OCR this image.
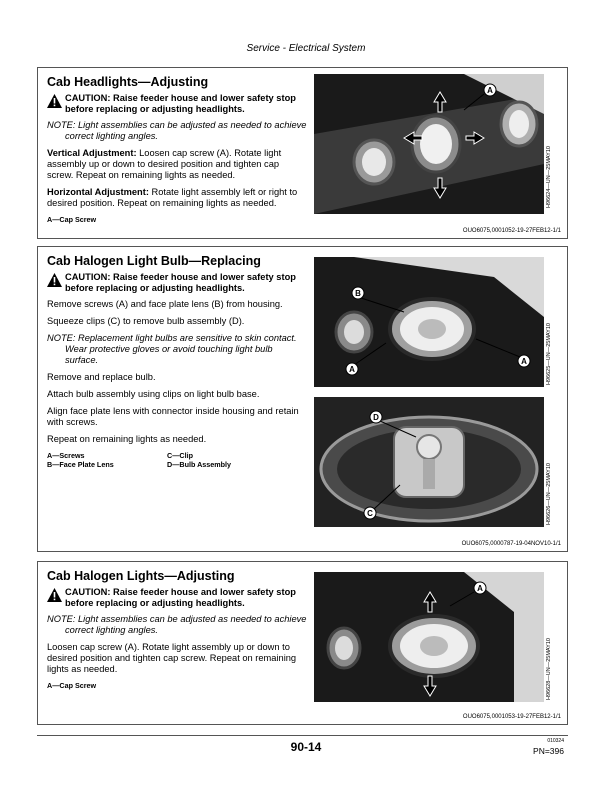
Service - Electrical System
Cab Headlights—Adjusting
CAUTION: Raise feeder house and lower safety stop before replacing or adjusting headlights.

NOTE: Light assemblies can be adjusted as needed to achieve correct lighting angles.

Vertical Adjustment: Loosen cap screw (A). Rotate light assembly up or down to desired position and tighten cap screw. Repeat on remaining lights as needed.

Horizontal Adjustment: Rotate light assembly left or right to desired position. Repeat on remaining lights as needed.

A—Cap Screw
A
H96624—UN—25MAY10
OUO6075,0001052-19-27FEB12-1/1
Cab Halogen Light Bulb—Replacing
CAUTION: Raise feeder house and lower safety stop before replacing or adjusting headlights.

Remove screws (A) and face plate lens (B) from housing.

Squeeze clips (C) to remove bulb assembly (D).

NOTE: Replacement light bulbs are sensitive to skin contact. Wear protective gloves or avoid touching light bulb surface.

Remove and replace bulb.

Attach bulb assembly using clips on light bulb base.

Align face plate lens with connector inside housing and retain with screws.

Repeat on remaining lights as needed.

A—Screws	C—Clip
B—Face Plate Lens	D—Bulb Assembly
B
A
A	H96625—UN—25MAY10
D
C	H96626—UN—25MAY10
OUO6075,0000787-19-04NOV10-1/1
Cab Halogen Lights—Adjusting
CAUTION: Raise feeder house and lower safety stop before replacing or adjusting headlights.

NOTE: Light assemblies can be adjusted as needed to achieve correct lighting angles.

Loosen cap screw (A). Rotate light assembly up or down to desired position and tighten cap screw. Repeat on remaining lights as needed.

A—Cap Screw
A
H96628—UN—25MAY10
OUO6075,0001053-19-27FEB12-1/1
90-14	010324
PN=396
